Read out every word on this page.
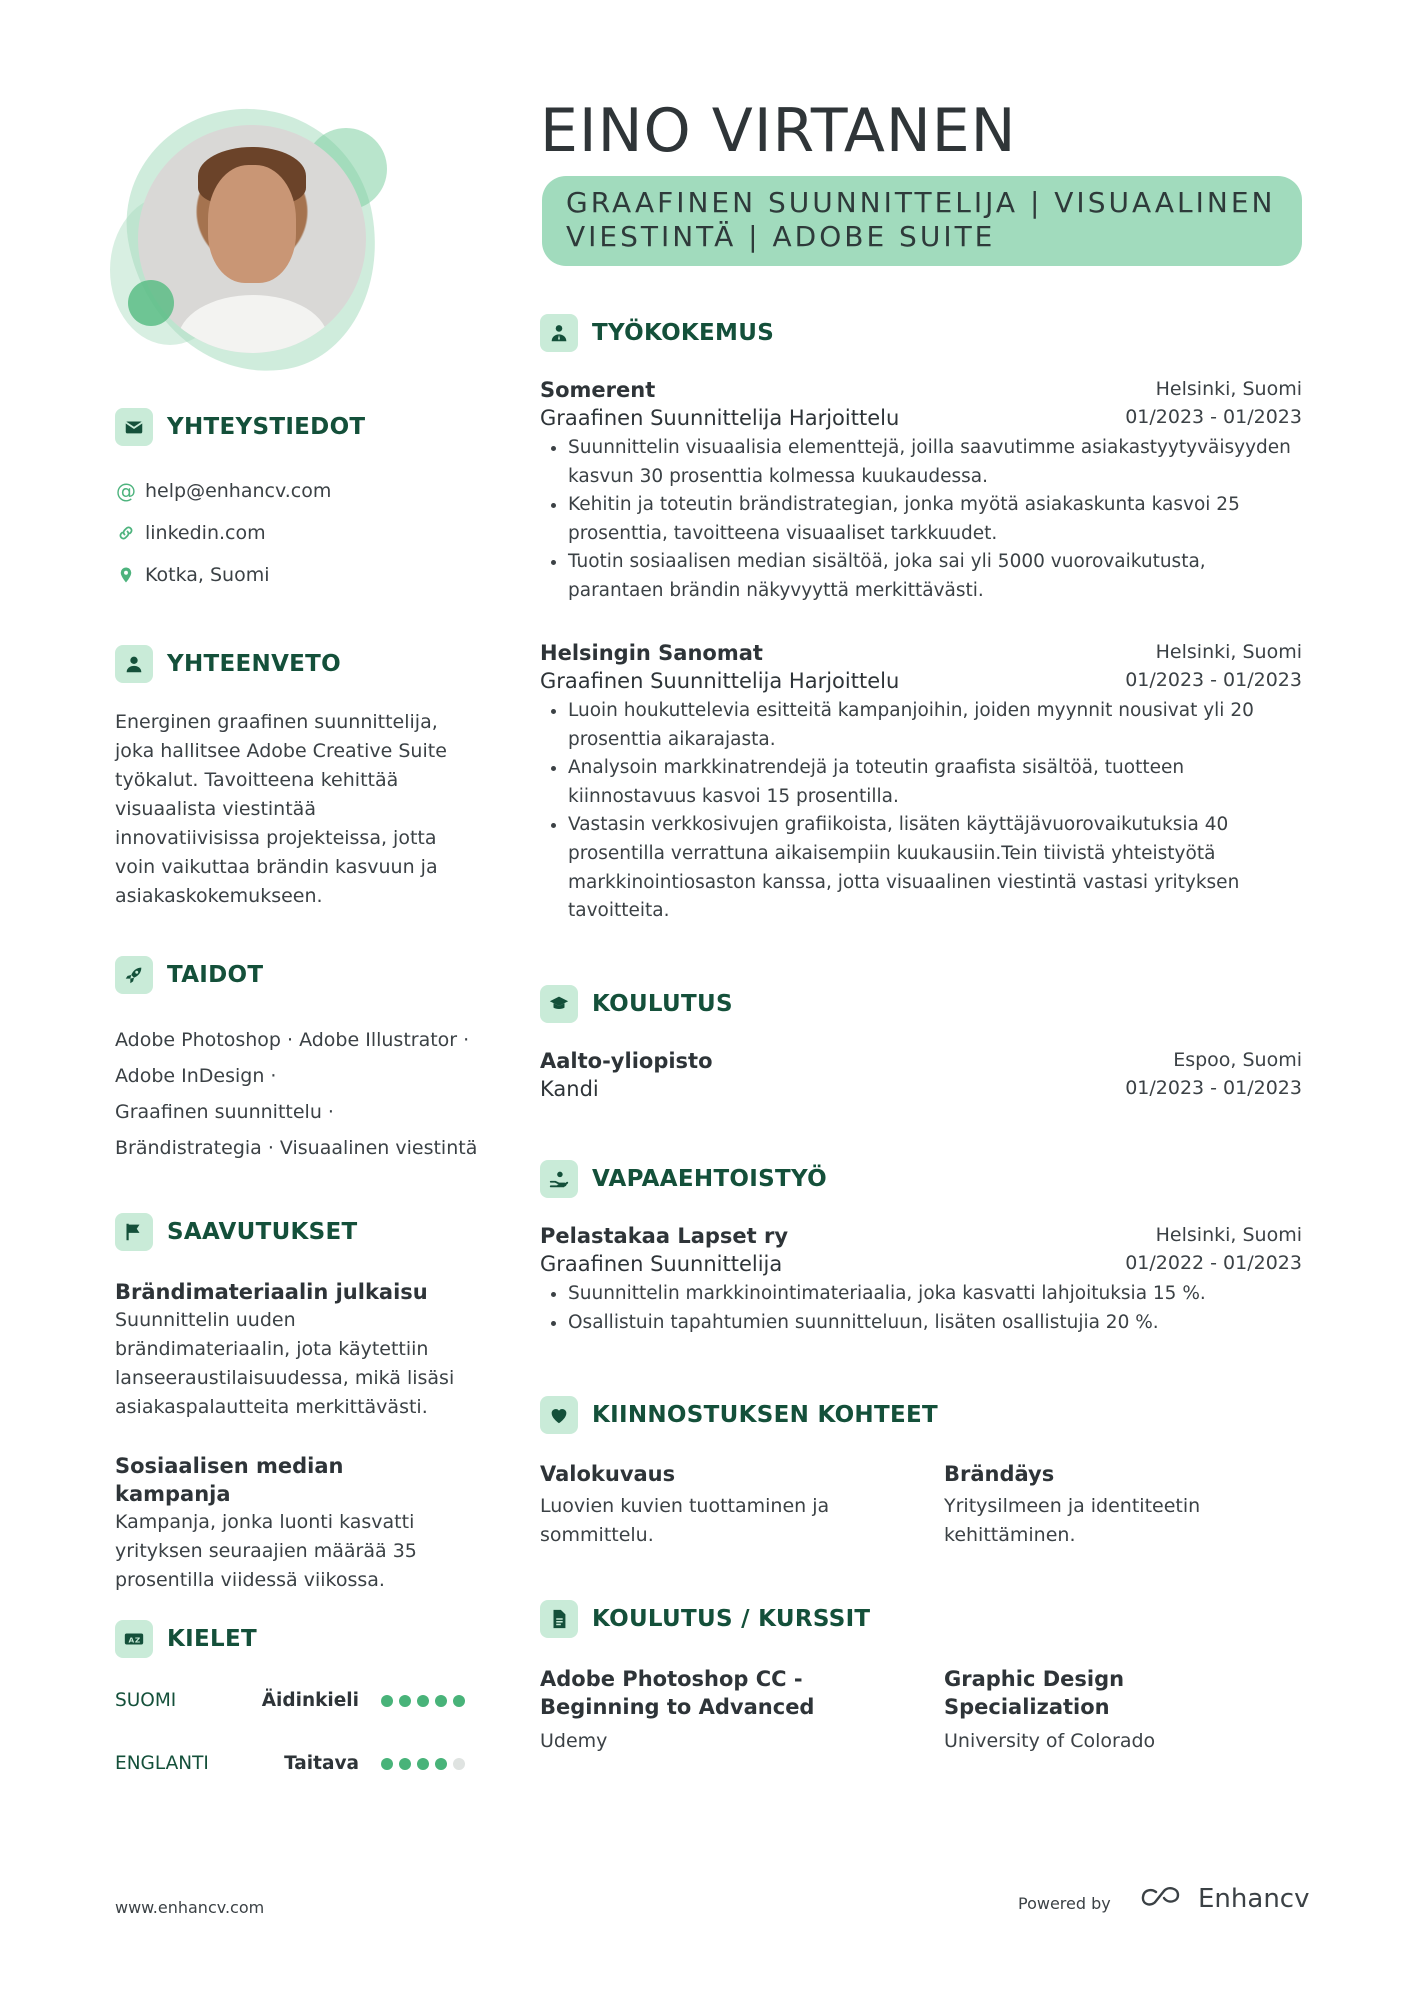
EINO VIRTANEN
GRAAFINEN SUUNNITTELIJA | VISUAALINEN VIESTINTÄ | ADOBE SUITE
YHTEYSTIEDOT
@ help@enhancv.com
linkedin.com
Kotka, Suomi
YHTEENVETO
Energinen graafinen suunnittelija, joka hallitsee Adobe Creative Suite työkalut. Tavoitteena kehittää visuaalista viestintää innovatiivisissa projekteissa, jotta voin vaikuttaa brändin kasvuun ja asiakaskokemukseen.
TAIDOT
Adobe Photoshop · Adobe Illustrator ·
Adobe InDesign ·
Graafinen suunnittelu ·
Brändistrategia · Visuaalinen viestintä
SAAVUTUKSET
Brändimateriaalin julkaisu
Suunnittelin uuden brändimateriaalin, jota käytettiin lanseeraustilaisuudessa, mikä lisäsi asiakaspalautteita merkittävästi.
Sosiaalisen median kampanja
Kampanja, jonka luonti kasvatti yrityksen seuraajien määrää 35 prosentilla viidessä viikossa.
A Z KIELET
SUOMI	Äidinkieli
ENGLANTI	Taitava
TYÖKOKEMUS
Somerent	Helsinki, Suomi
Graafinen Suunnittelija Harjoittelu	01/2023 - 01/2023
• Suunnittelin visuaalisia elementtejä, joilla saavutimme asiakastyytyväisyyden kasvun 30 prosenttia kolmessa kuukaudessa.
• Kehitin ja toteutin brändistrategian, jonka myötä asiakaskunta kasvoi 25 prosenttia, tavoitteena visuaaliset tarkkuudet.
• Tuotin sosiaalisen median sisältöä, joka sai yli 5000 vuorovaikutusta, parantaen brändin näkyvyyttä merkittävästi.
Helsingin Sanomat	Helsinki, Suomi
Graafinen Suunnittelija Harjoittelu	01/2023 - 01/2023
• Luoin houkuttelevia esitteitä kampanjoihin, joiden myynnit nousivat yli 20 prosenttia aikarajasta.
• Analysoin markkinatrendejä ja toteutin graafista sisältöä, tuotteen kiinnostavuus kasvoi 15 prosentilla.
• Vastasin verkkosivujen grafiikoista, lisäten käyttäjävuorovaikutuksia 40 prosentilla verrattuna aikaisempiin kuukausiin.Tein tiivistä yhteistyötä markkinointiosaston kanssa, jotta visuaalinen viestintä vastasi yrityksen tavoitteita.
KOULUTUS
Aalto-yliopisto	Espoo, Suomi
Kandi	01/2023 - 01/2023
VAPAAEHTOISTYÖ
Pelastakaa Lapset ry	Helsinki, Suomi
Graafinen Suunnittelija	01/2022 - 01/2023
• Suunnittelin markkinointimateriaalia, joka kasvatti lahjoituksia 15 %.
• Osallistuin tapahtumien suunnitteluun, lisäten osallistujia 20 %.
KIINNOSTUKSEN KOHTEET
Valokuvaus
Luovien kuvien tuottaminen ja sommittelu.
Brändäys
Yritysilmeen ja identiteetin kehittäminen.
KOULUTUS / KURSSIT
Adobe Photoshop CC - Beginning to Advanced
Udemy
Graphic Design Specialization
University of Colorado
www.enhancv.com	Powered by	Enhancv
